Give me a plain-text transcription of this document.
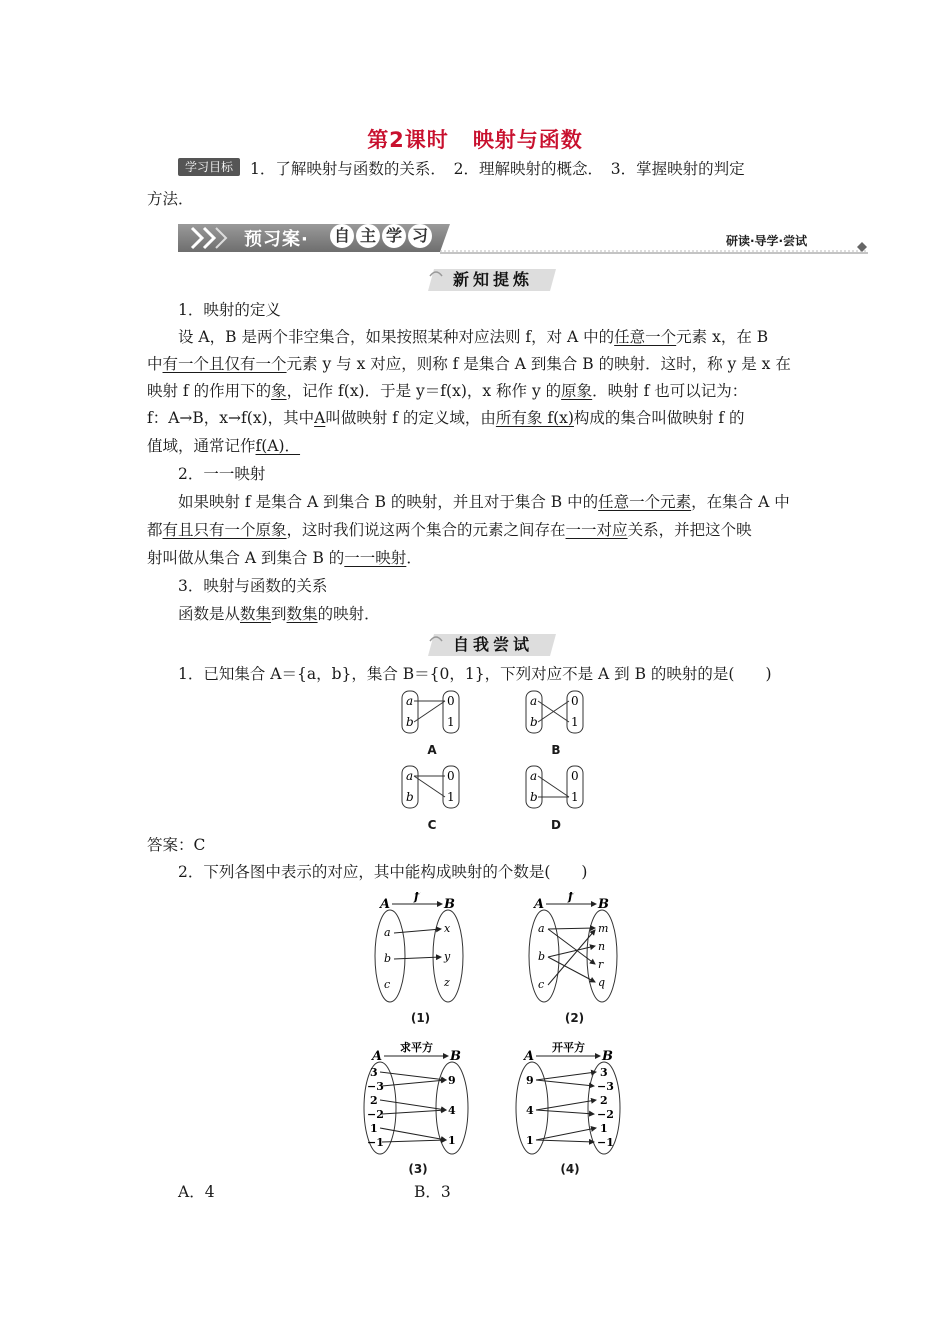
第2课时 映射与函数
学习目标	1．了解映射与函数的关系．　2．理解映射的概念．　3．掌握映射的判定
方法．
预习案· 自 主 学 习	研读·导学·尝试
新知提炼
1．映射的定义
设 A，B 是两个非空集合，如果按照某种对应法则 f，对 A 中的任意一个元素 x，在 B
中有一个且仅有一个元素 y 与 x 对应，则称 f 是集合 A 到集合 B 的映射．这时，称 y 是 x 在
映射 f 的作用下的象，记作 f(x)．于是 y＝f(x)，x 称作 y 的原象．映射 f 也可以记为：
f：A→B，x→f(x)，其中A叫做映射 f 的定义域，由所有象 f(x)构成的集合叫做映射 f 的
值域，通常记作f(A)．
2．一一映射
如果映射 f 是集合 A 到集合 B 的映射，并且对于集合 B 中的任意一个元素，在集合 A 中
都有且只有一个原象，这时我们说这两个集合的元素之间存在一一对应关系，并把这个映
射叫做从集合 A 到集合 B 的一一映射．
3．映射与函数的关系
函数是从数集到数集的映射．
自我尝试
1．已知集合 A＝{a，b}，集合 B＝{0，1}，下列对应不是 A 到 B 的映射的是(　　)
a
b
0
1
A
a
b
0
1
B
a
b
0
1
C
a
b
0
1
D
答案：C
2．下列各图中表示的对应，其中能构成映射的个数是(　　)
A	B
f
a
b
c
x
y
z
(1)
A	B
f
a
b
c
m
n
r
q
(2)
A	B
求平方
3
−3
2
−2
1
−1
9
4
1
(3)
A	B
开平方
9
4
1
3
−3
2
−2
1
−1
(4)
A．4	B．3
